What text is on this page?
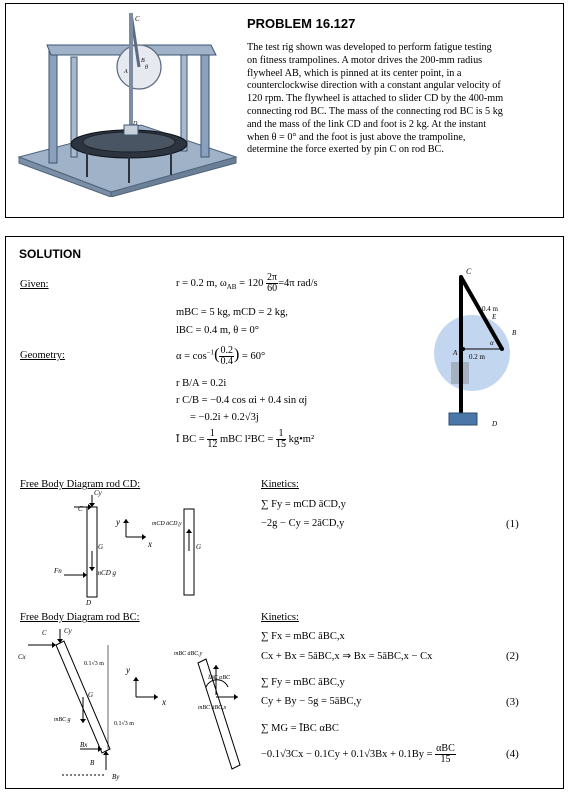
C
A
B
θ
D
PROBLEM 16.127
The test rig shown was developed to perform fatigue testing
on fitness trampolines. A motor drives the 200-mm radius
flywheel AB, which is pinned at its center point, in a
counterclockwise direction with a constant angular velocity of
120 rpm. The flywheel is attached to slider CD by the 400-mm
connecting rod BC. The mass of the connecting rod BC is 5 kg
and the mass of the link CD and foot is 2 kg. At the instant
when θ = 0° and the foot is just above the trampoline,
determine the force exerted by pin C on rod BC.
SOLUTION
Given:	r = 0.2 m, $\omega_{AB} = 120 \frac{2\pi}{60} =4\pi$ rad/s
mBC = 5 kg, mCD = 2 kg,
lBC = 0.4 m, θ = 0°
Geometry:	$\alpha = \cos^{-1}( \frac{0.2}{0.4}$ ) = 60°
r B/A = 0.2i
r C/B = −0.4 cos αi + 0.4 sin αj
= −0.2i + 0.2√3j
Ī BC = $\frac{1}{12}$ mBC $l^2BC = \frac{1}{15}$ kg•m²
C
0.4 m
E
B
α
A 0.2 m
D
Free Body Diagram rod CD:
Cy
C
G
Fn	mCD g
D
y
x
mCD āCD,y
G
Kinetics:
∑ Fy = mCD āCD,y
−2g − Cy = 2āCD,y	(1)
Free Body Diagram rod BC:
C
Cx
Cy
G
mBC g
Bx
By
B
0.1√3 m
0.1√3 m
y
x
mBC āBC,y
ĪBC αBC
mBC āBC,x
Kinetics:
∑ Fx = mBC āBC,x
Cx + Bx = 5āBC,x ⇒ Bx = 5āBC,x − Cx	(2)
∑ Fy = mBC āBC,y
Cy + By − 5g = 5āBC,y	(3)
∑ MG = ĪBC αBC
$-0.1√3Cx - 0.1Cy + 0.1√3Bx + 0.1By = \frac{\text{αBC}}{15}$	(4)
